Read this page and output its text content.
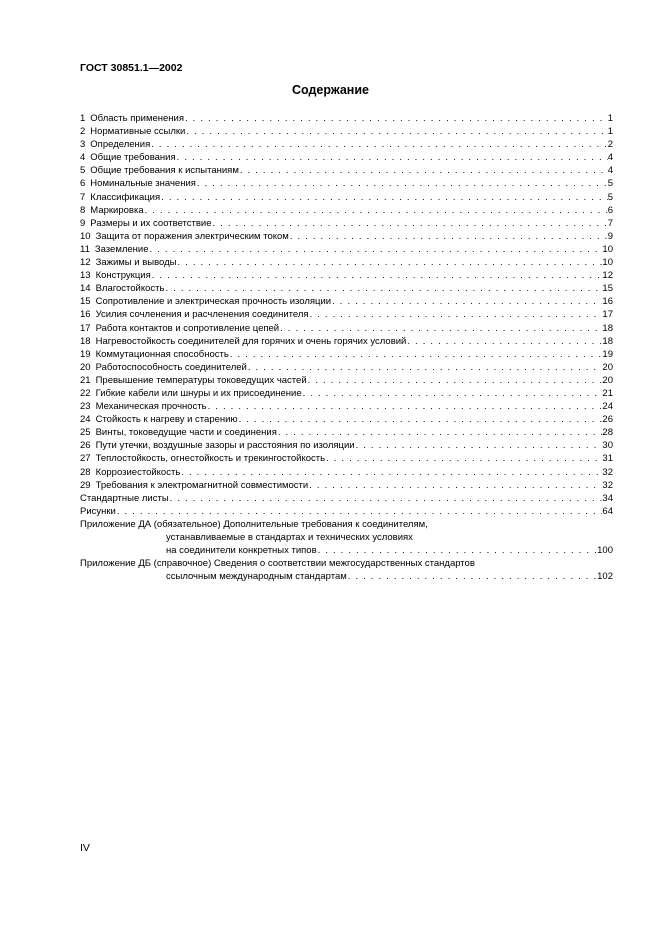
ГОСТ 30851.1—2002
Содержание
1 Область применения . . .	1
2 Нормативные ссылки . . .	1
3 Определения . . .	2
4 Общие требования . . .	4
5 Общие требования к испытаниям . . .	4
6 Номинальные значения . . .	5
7 Классификация . . .	5
8 Маркировка . . .	6
9 Размеры и их соответствие . . .	7
10 Защита от поражения электрическим током . . .	9
11 Заземление . . .	10
12 Зажимы и выводы . . .	10
13 Конструкция . . .	12
14 Влагостойкость . . .	15
15 Сопротивление и электрическая прочность изоляции . . .	16
16 Усилия сочленения и расчленения соединителя . . .	17
17 Работа контактов и сопротивление цепей . . .	18
18 Нагревостойкость соединителей для горячих и очень горячих условий . . .	18
19 Коммутационная способность . . .	19
20 Работоспособность соединителей . . .	20
21 Превышение температуры токоведущих частей . . .	20
22 Гибкие кабели или шнуры и их присоединение . . .	21
23 Механическая прочность . . .	24
24 Стойкость к нагреву и старению . . .	26
25 Винты, токоведущие части и соединения . . .	28
26 Пути утечки, воздушные зазоры и расстояния по изоляции . . .	30
27 Теплостойкость, огнестойкость и трекингостойкость . . .	31
28 Коррозиестойкость . . .	32
29 Требования к электромагнитной совместимости . . .	32
Стандартные листы . . .	34
Рисунки . . .	64
Приложение ДА (обязательное) Дополнительные требования к соединителям,
устанавливаемые в стандартах и технических условиях
на соединители конкретных типов . . .	100
Приложение ДБ (справочное) Сведения о соответствии межгосударственных стандартов
ссылочным международным стандартам . . .	102
IV
